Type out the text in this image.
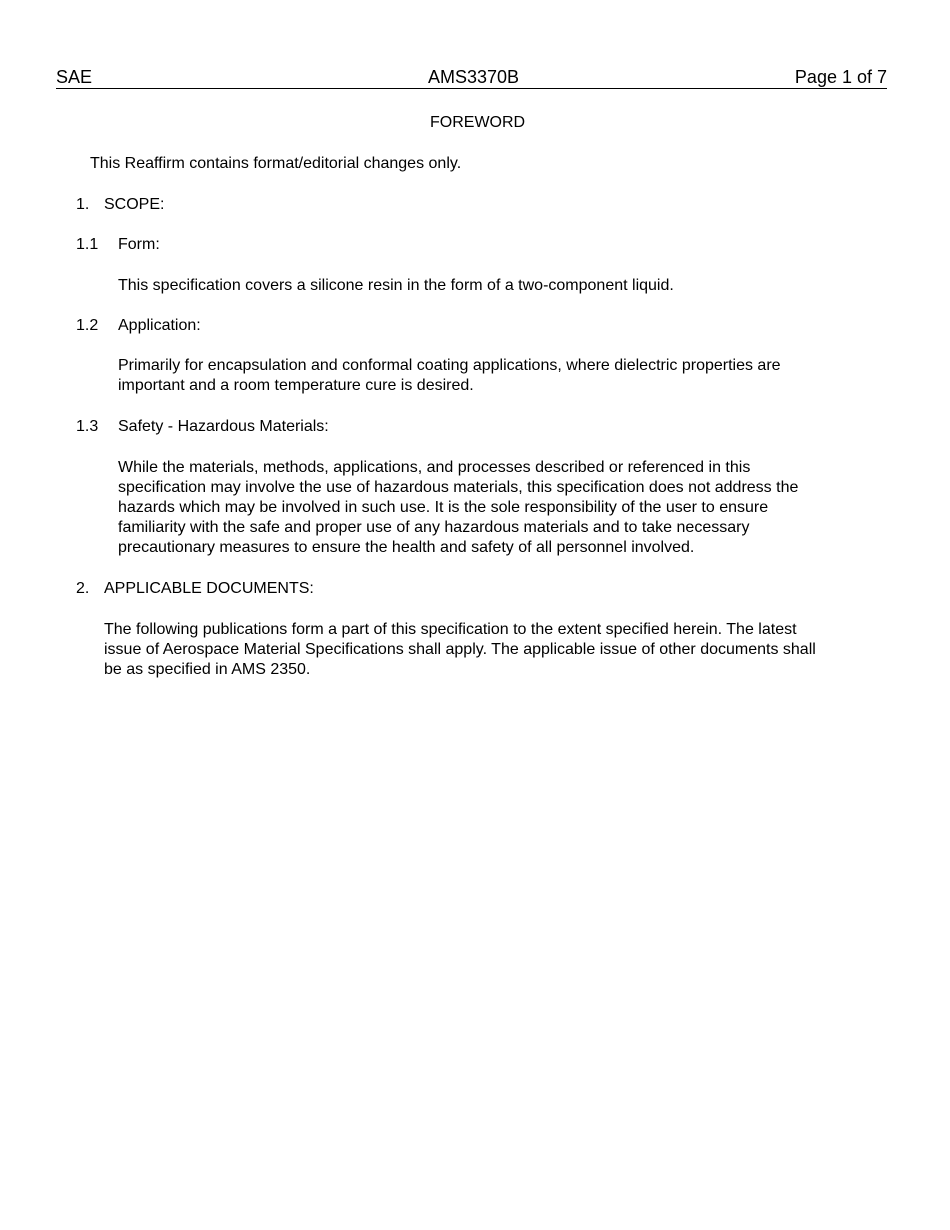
SAE	AMS3370B	Page 1 of 7
FOREWORD
This Reaffirm contains format/editorial changes only.
1. SCOPE:
1.1 Form:
This specification covers a silicone resin in the form of a two-component liquid.
1.2 Application:
Primarily for encapsulation and conformal coating applications, where dielectric properties are
important and a room temperature cure is desired.
1.3 Safety - Hazardous Materials:
While the materials, methods, applications, and processes described or referenced in this
specification may involve the use of hazardous materials, this specification does not address the
hazards which may be involved in such use. It is the sole responsibility of the user to ensure
familiarity with the safe and proper use of any hazardous materials and to take necessary
precautionary measures to ensure the health and safety of all personnel involved.
2. APPLICABLE DOCUMENTS:
The following publications form a part of this specification to the extent specified herein. The latest
issue of Aerospace Material Specifications shall apply. The applicable issue of other documents shall
be as specified in AMS 2350.
